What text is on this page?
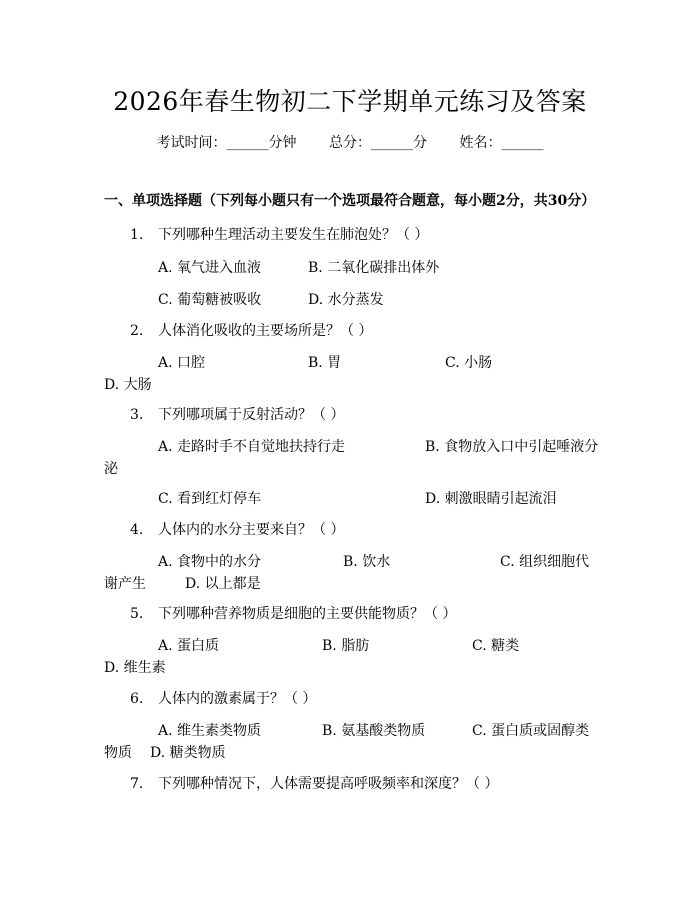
2026年春生物初二下学期单元练习及答案
考试时间：______分钟 总分：______分 姓名：______
一、单项选择题（下列每小题只有一个选项最符合题意，每小题2分，共30分）
1. 下列哪种生理活动主要发生在肺泡处？（ ）
A. 氧气进入血液	B. 二氧化碳排出体外
C. 葡萄糖被吸收	D. 水分蒸发
2. 人体消化吸收的主要场所是？（ ）
A. 口腔	B. 胃	C. 小肠
D. 大肠
3. 下列哪项属于反射活动？（ ）
A. 走路时手不自觉地扶持行走	B. 食物放入口中引起唾液分
泌
C. 看到红灯停车	D. 刺激眼睛引起流泪
4. 人体内的水分主要来自？（ ）
A. 食物中的水分	B. 饮水	C. 组织细胞代
谢产生	D. 以上都是
5. 下列哪种营养物质是细胞的主要供能物质？（ ）
A. 蛋白质	B. 脂肪	C. 糖类
D. 维生素
6. 人体内的激素属于？（ ）
A. 维生素类物质	B. 氨基酸类物质	C. 蛋白质或固醇类
物质 D. 糖类物质
7. 下列哪种情况下，人体需要提高呼吸频率和深度？（ ）
